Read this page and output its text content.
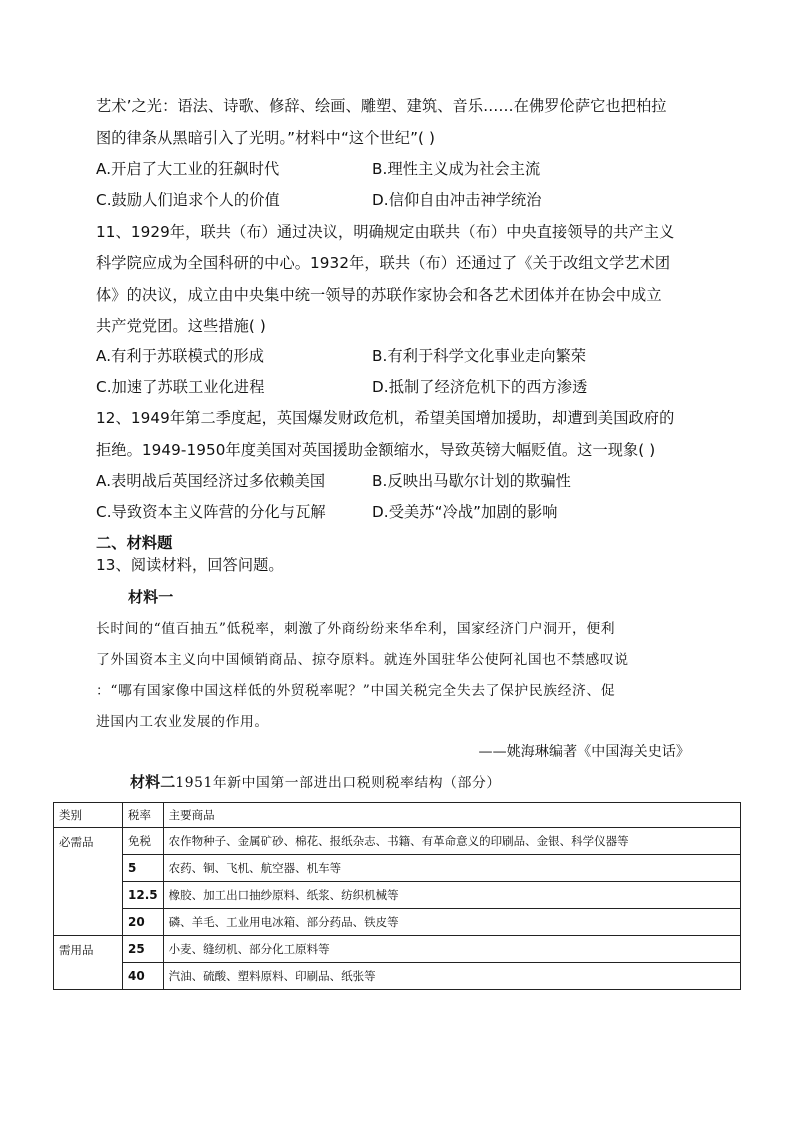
艺术’之光：语法、诗歌、修辞、绘画、雕塑、建筑、音乐……在佛罗伦萨它也把柏拉
图的律条从黑暗引入了光明。”材料中“这个世纪”( )
A.开启了大工业的狂飙时代	B.理性主义成为社会主流
C.鼓励人们追求个人的价值	D.信仰自由冲击神学统治
11、1929年，联共（布）通过决议，明确规定由联共（布）中央直接领导的共产主义
科学院应成为全国科研的中心。1932年，联共（布）还通过了《关于改组文学艺术团
体》的决议，成立由中央集中统一领导的苏联作家协会和各艺术团体并在协会中成立
共产党党团。这些措施( )
A.有利于苏联模式的形成	B.有利于科学文化事业走向繁荣
C.加速了苏联工业化进程	D.抵制了经济危机下的西方渗透
12、1949年第二季度起，英国爆发财政危机，希望美国增加援助，却遭到美国政府的
拒绝。1949-1950年度美国对英国援助金额缩水，导致英镑大幅贬值。这一现象( )
A.表明战后英国经济过多依赖美国	B.反映出马歇尔计划的欺骗性
C.导致资本主义阵营的分化与瓦解	D.受美苏“冷战”加剧的影响
二、材料题
13、阅读材料，回答问题。
材料一
长时间的“值百抽五”低税率，刺激了外商纷纷来华牟利，国家经济门户洞开，便利
了外国资本主义向中国倾销商品、掠夺原料。就连外国驻华公使阿礼国也不禁感叹说
：“哪有国家像中国这样低的外贸税率呢？”中国关税完全失去了保护民族经济、促
进国内工农业发展的作用。
——姚海琳编著《中国海关史话》
材料二1951年新中国第一部进出口税则税率结构（部分）
类别	税率	主要商品
必需品	免税	农作物种子、金属矿砂、棉花、报纸杂志、书籍、有革命意义的印刷品、金银、科学仪器等
	5	农药、铜、飞机、航空器、机车等
	12.5	橡胶、加工出口抽纱原料、纸浆、纺织机械等
	20	磷、羊毛、工业用电冰箱、部分药品、铁皮等
需用品	25	小麦、缝纫机、部分化工原料等
	40	汽油、硫酸、塑料原料、印刷品、纸张等
